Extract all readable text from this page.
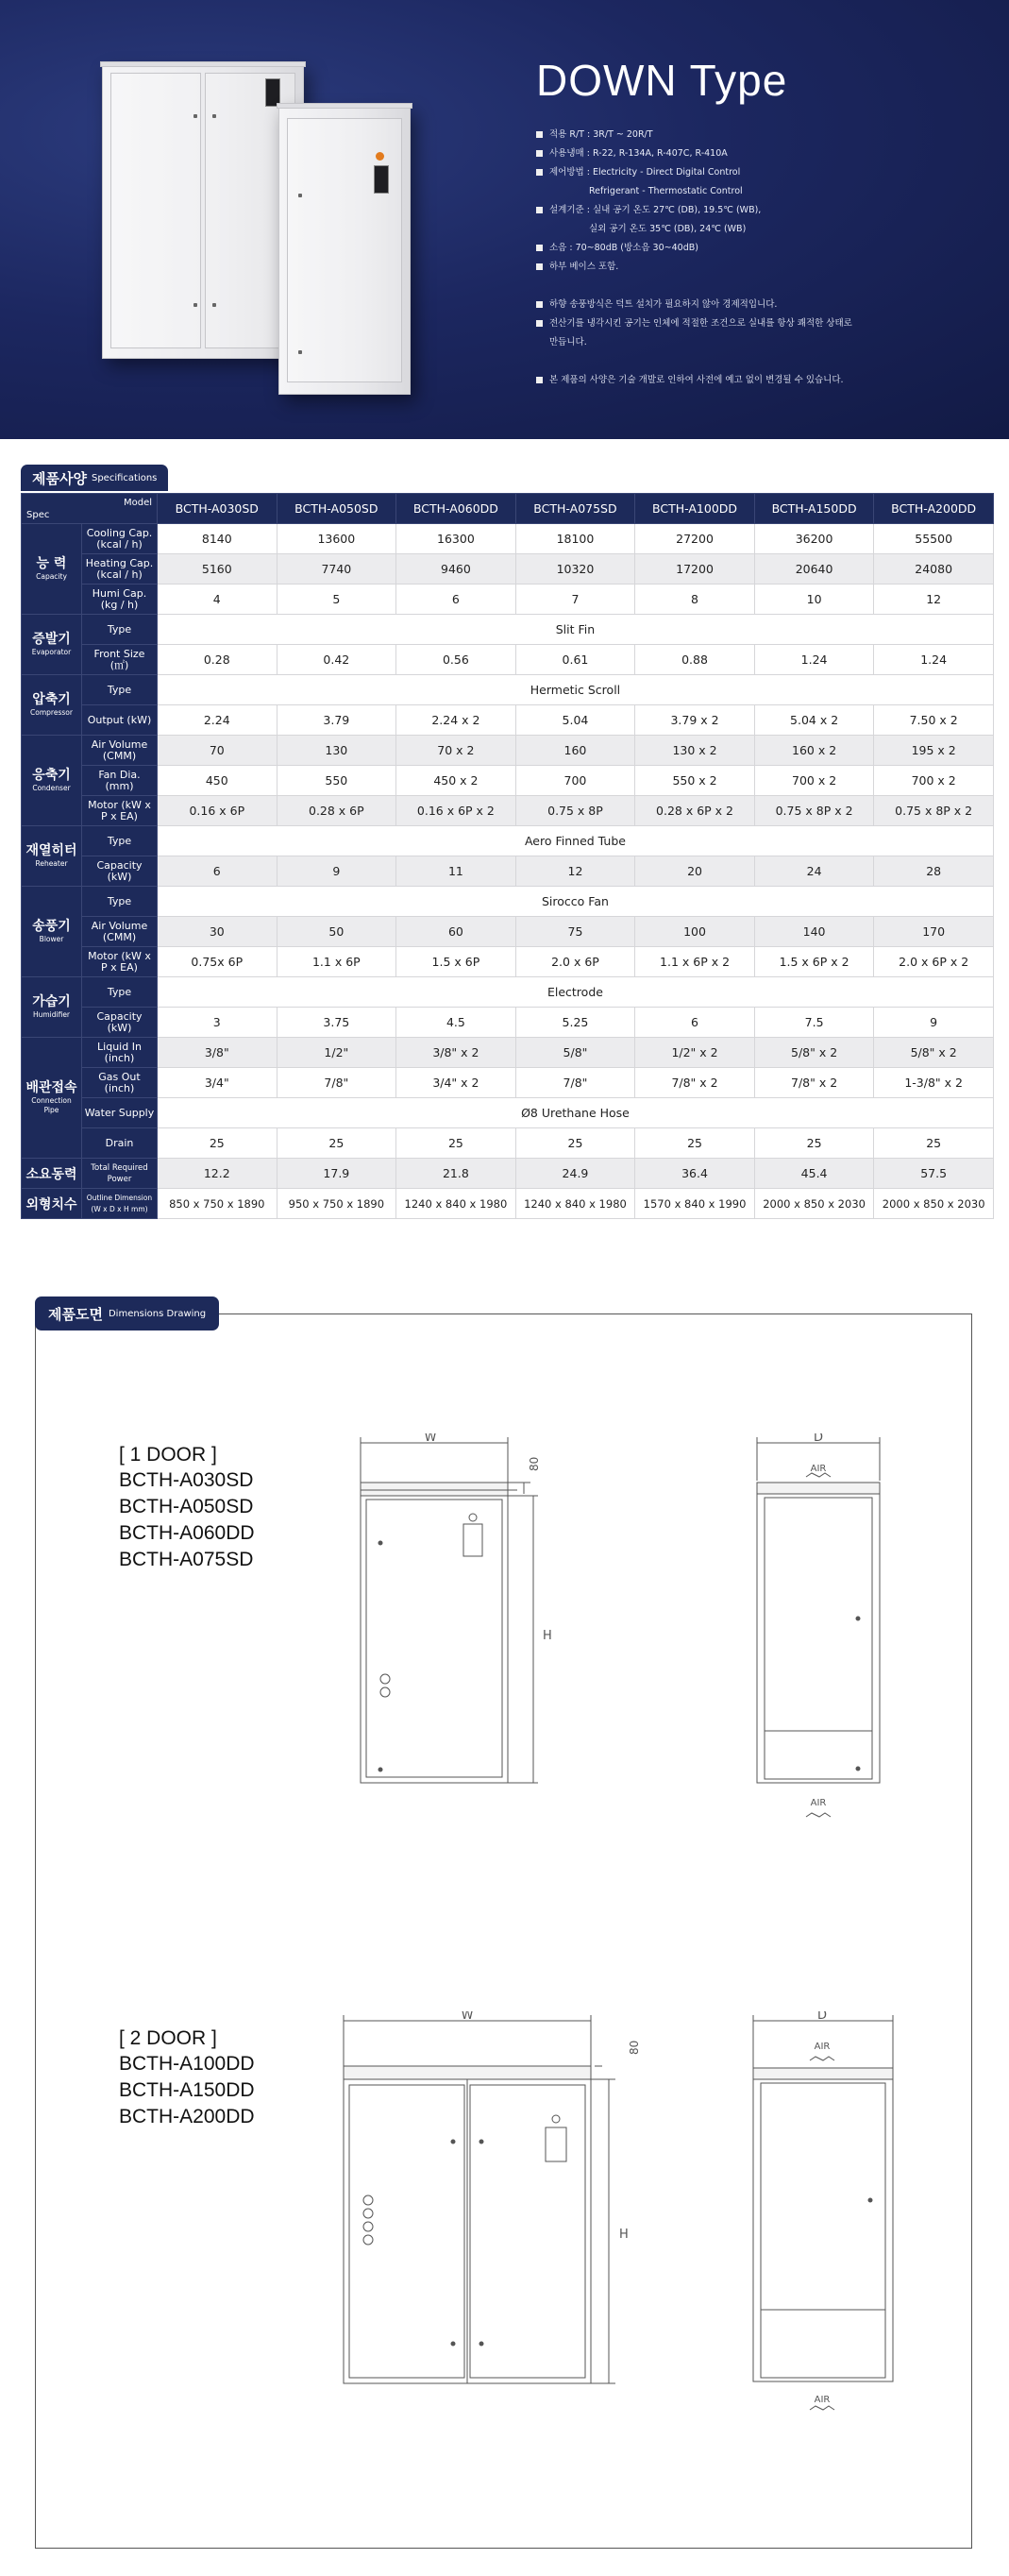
DOWN Type
적용 R/T : 3R/T ~ 20R/T
사용냉매 : R-22, R-134A, R-407C, R-410A
제어방법 : Electricity - Direct Digital Control
Refrigerant - Thermostatic Control
설계기준 : 실내 공기 온도 27℃ (DB), 19.5℃ (WB),
실외 공기 온도 35℃ (DB), 24℃ (WB)
소음 : 70~80dB (방소음 30~40dB)
하부 베이스 포함.
하향 송풍방식은 덕트 설치가 필요하지 않아 경제적입니다.
전산기를 냉각시킨 공기는 인체에 적절한 조건으로 실내를 항상 쾌적한 상태로
만듭니다.
본 제품의 사양은 기술 개발로 인하여 사전에 예고 없이 변경될 수 있습니다.
제품사양 Specifications
Model
Spec		BCTH-A030SD	BCTH-A050SD	BCTH-A060DD	BCTH-A075SD	BCTH-A100DD	BCTH-A150DD	BCTH-A200DD

능 력
Capacity	Cooling Cap. (kcal / h)	8140	13600	16300	18100	27200	36200	55500
	Heating Cap. (kcal / h)	5160	7740	9460	10320	17200	20640	24080
	Humi Cap. (kg / h)	4	5	6	7	8	10	12

증발기
Evaporator	Type	Slit Fin						
	Front Size (㎡)	0.28	0.42	0.56	0.61	0.88	1.24	1.24

압축기
Compressor	Type	Hermetic Scroll						
	Output (kW)	2.24	3.79	2.24 x 2	5.04	3.79 x 2	5.04 x 2	7.50 x 2

응축기
Condenser	Air Volume (CMM)	70	130	70 x 2	160	130 x 2	160 x 2	195 x 2
	Fan Dia. (mm)	450	550	450 x 2	700	550 x 2	700 x 2	700 x 2
	Motor (kW x P x EA)	0.16 x 6P	0.28 x 6P	0.16 x 6P x 2	0.75 x 8P	0.28 x 6P x 2	0.75 x 8P x 2	0.75 x 8P x 2

재열히터
Reheater	Type	Aero Finned Tube						
	Capacity (kW)	6	9	11	12	20	24	28

송풍기
Blower	Type	Sirocco Fan						
	Air Volume (CMM)	30	50	60	75	100	140	170
	Motor (kW x P x EA)	0.75x 6P	1.1 x 6P	1.5 x 6P	2.0 x 6P	1.1 x 6P x 2	1.5 x 6P x 2	2.0 x 6P x 2

가습기
Humidifier	Type	Electrode						
	Capacity (kW)	3	3.75	4.5	5.25	6	7.5	9

배관접속
Connection Pipe	Liquid In (inch)	3/8"	1/2"	3/8" x 2	5/8"	1/2" x 2	5/8" x 2	5/8" x 2
	Gas Out (inch)	3/4"	7/8"	3/4" x 2	7/8"	7/8" x 2	7/8" x 2	1-3/8" x 2
	Water Supply	Ø8 Urethane Hose						
	Drain	25	25	25	25	25	25	25
소요동력	Total Required Power	12.2	17.9	21.8	24.9	36.4	45.4	57.5
외형치수	Outline Dimension (W x D x H mm)	850 x 750 x 1890	950 x 750 x 1890	1240 x 840 x 1980	1240 x 840 x 1980	1570 x 840 x 1990	2000 x 850 x 2030	2000 x 850 x 2030
제품도면 Dimensions Drawing
[ 1 DOOR ]
BCTH-A030SD
BCTH-A050SD
BCTH-A060DD
BCTH-A075SD
[ 2 DOOR ]
BCTH-A100DD
BCTH-A150DD
BCTH-A200DD
W
H
80
D
AIR
AIR
W
H
80
D
AIR
AIR
